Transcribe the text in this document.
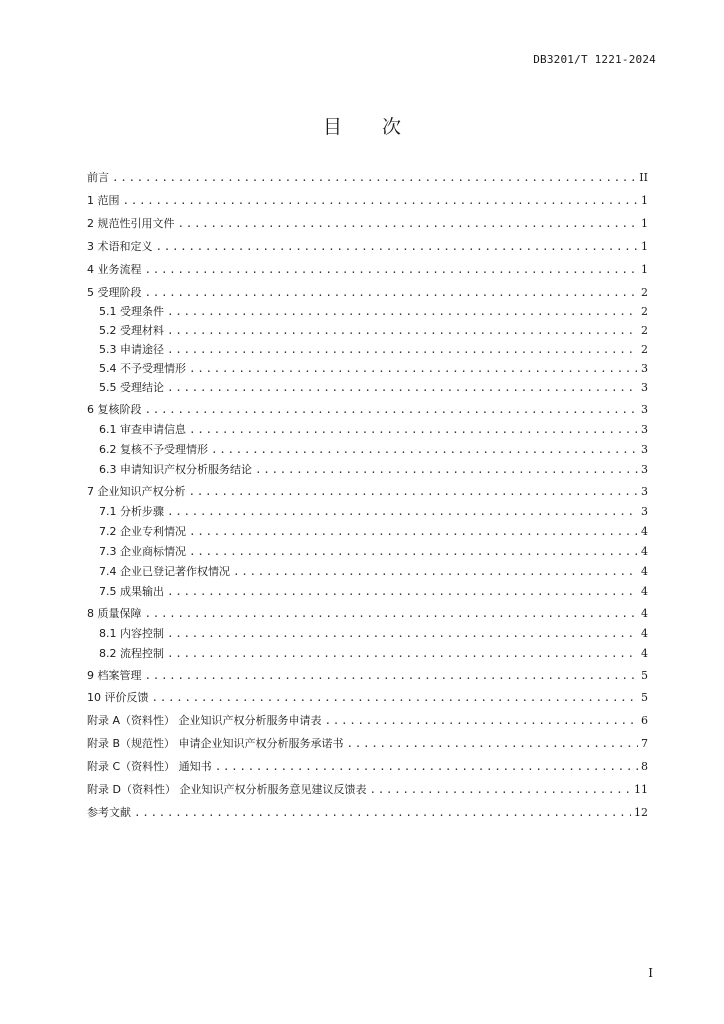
DB3201/T 1221-2024
目次
前言 .....	II
1 范围 .....	1
2 规范性引用文件 .....	1
3 术语和定义 .....	1
4 业务流程 .....	1
5 受理阶段 .....	2
5.1 受理条件 .....	2
5.2 受理材料 .....	2
5.3 申请途径 .....	2
5.4 不予受理情形 .....	3
5.5 受理结论 .....	3
6 复核阶段 .....	3
6.1 审查申请信息 .....	3
6.2 复核不予受理情形 .....	3
6.3 申请知识产权分析服务结论 .....	3
7 企业知识产权分析 .....	3
7.1 分析步骤 .....	3
7.2 企业专利情况 .....	4
7.3 企业商标情况 .....	4
7.4 企业已登记著作权情况 .....	4
7.5 成果输出 .....	4
8 质量保障 .....	4
8.1 内容控制 .....	4
8.2 流程控制 .....	4
9 档案管理 .....	5
10 评价反馈 .....	5
附录 A（资料性） 企业知识产权分析服务申请表 .....	6
附录 B（规范性） 申请企业知识产权分析服务承诺书 .....	7
附录 C（资料性） 通知书 .....	8
附录 D（资料性） 企业知识产权分析服务意见建议反馈表 .....	11
参考文献 .....	12
I
